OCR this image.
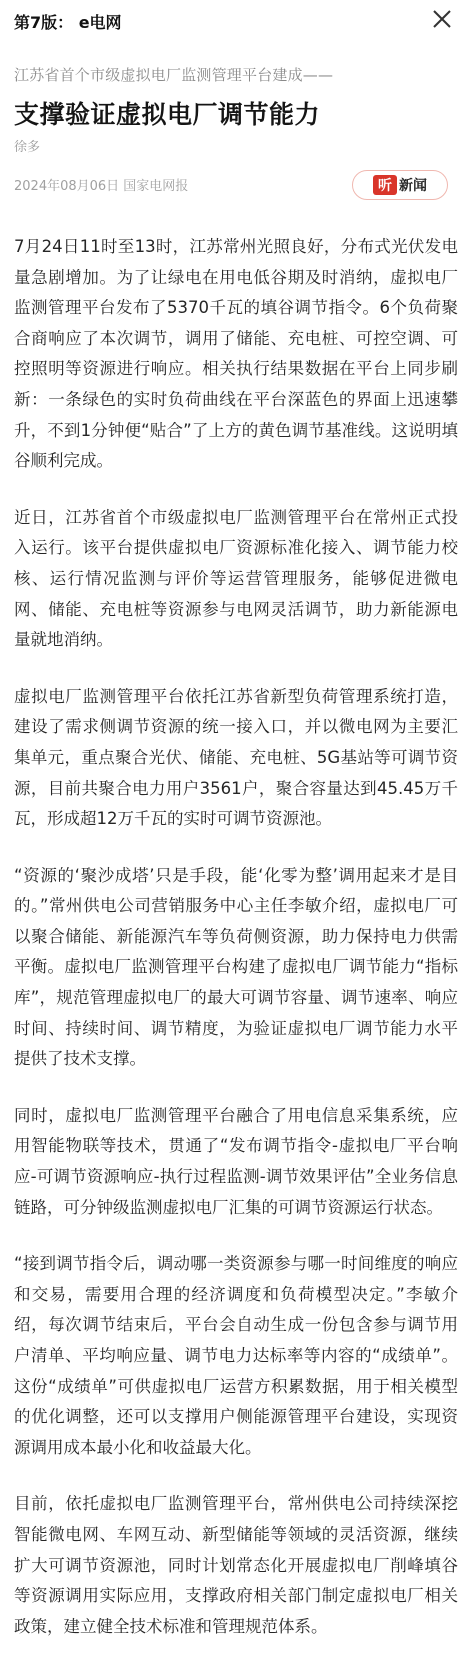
第7版： e电网
江苏省首个市级虚拟电厂监测管理平台建成——
支撑验证虚拟电厂调节能力
徐多
2024年08月06日 国家电网报	听 新闻

7月24日11时至13时，江苏常州光照良好，分布式光伏发电量急剧增加。为了让绿电在用电低谷期及时消纳，虚拟电厂监测管理平台发布了5370千瓦的填谷调节指令。6个负荷聚合商响应了本次调节，调用了储能、充电桩、可控空调、可控照明等资源进行响应。相关执行结果数据在平台上同步刷新：一条绿色的实时负荷曲线在平台深蓝色的界面上迅速攀升，不到1分钟便“贴合”了上方的黄色调节基准线。这说明填谷顺利完成。

近日，江苏省首个市级虚拟电厂监测管理平台在常州正式投入运行。该平台提供虚拟电厂资源标准化接入、调节能力校核、运行情况监测与评价等运营管理服务，能够促进微电网、储能、充电桩等资源参与电网灵活调节，助力新能源电量就地消纳。

虚拟电厂监测管理平台依托江苏省新型负荷管理系统打造，建设了需求侧调节资源的统一接入口，并以微电网为主要汇集单元，重点聚合光伏、储能、充电桩、5G基站等可调节资源，目前共聚合电力用户3561户，聚合容量达到45.45万千瓦，形成超12万千瓦的实时可调节资源池。

“资源的‘聚沙成塔’只是手段，能‘化零为整’调用起来才是目的。”常州供电公司营销服务中心主任李敏介绍，虚拟电厂可以聚合储能、新能源汽车等负荷侧资源，助力保持电力供需平衡。虚拟电厂监测管理平台构建了虚拟电厂调节能力“指标库”，规范管理虚拟电厂的最大可调节容量、调节速率、响应时间、持续时间、调节精度，为验证虚拟电厂调节能力水平提供了技术支撑。

同时，虚拟电厂监测管理平台融合了用电信息采集系统，应用智能物联等技术，贯通了“发布调节指令-虚拟电厂平台响应-可调节资源响应-执行过程监测-调节效果评估”全业务信息链路，可分钟级监测虚拟电厂汇集的可调节资源运行状态。

“接到调节指令后，调动哪一类资源参与哪一时间维度的响应和交易，需要用合理的经济调度和负荷模型决定。”李敏介绍，每次调节结束后，平台会自动生成一份包含参与调节用户清单、平均响应量、调节电力达标率等内容的“成绩单”。这份“成绩单”可供虚拟电厂运营方积累数据，用于相关模型的优化调整，还可以支撑用户侧能源管理平台建设，实现资源调用成本最小化和收益最大化。

目前，依托虚拟电厂监测管理平台，常州供电公司持续深挖智能微电网、车网互动、新型储能等领域的灵活资源，继续扩大可调节资源池，同时计划常态化开展虚拟电厂削峰填谷等资源调用实际应用，支撑政府相关部门制定虚拟电厂相关政策，建立健全技术标准和管理规范体系。
